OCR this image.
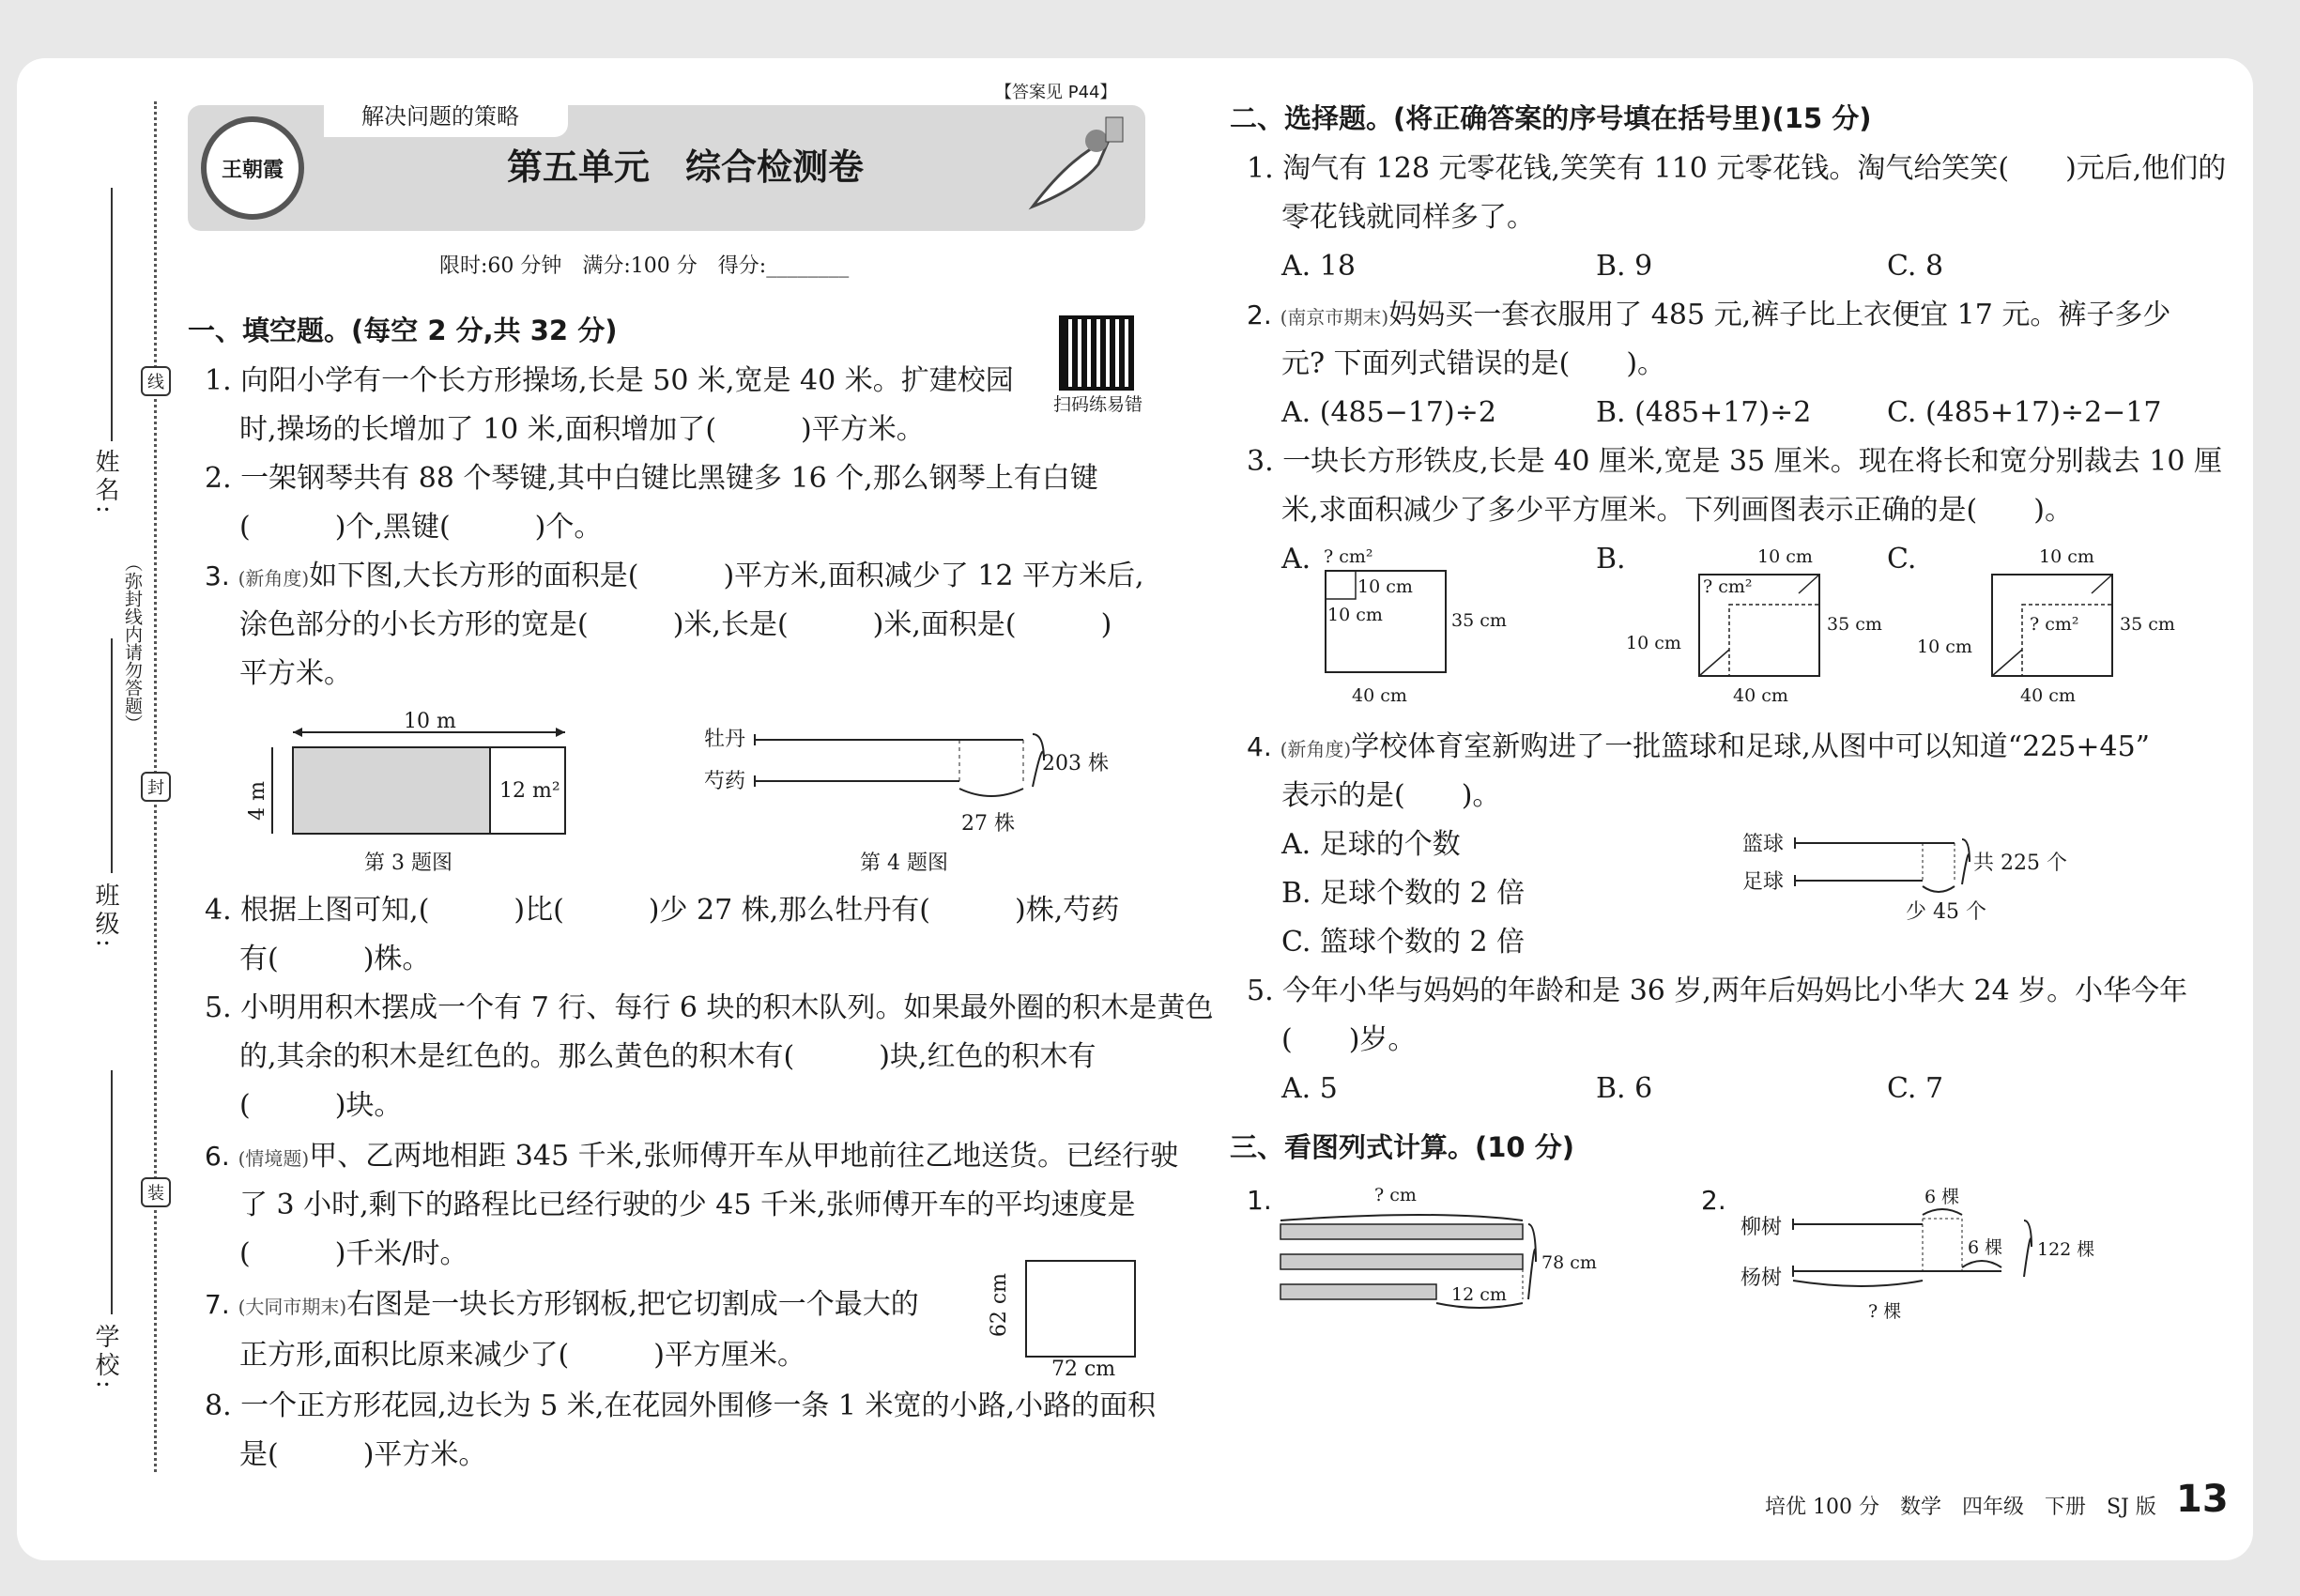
姓名:
班级:
学校:
（弥封线内请勿答题）
线
封
装
解决问题的策略
王朝霞	第五单元　综合检测卷
【答案见 P44】
限时:60 分钟　满分:100 分　得分:________
扫码练易错
一、填空题。(每空 2 分,共 32 分)
1. 向阳小学有一个长方形操场,长是 50 米,宽是 40 米。扩建校园
时,操场的长增加了 10 米,面积增加了(　　　)平方米。
2. 一架钢琴共有 88 个琴键,其中白键比黑键多 16 个,那么钢琴上有白键
(　　　)个,黑键(　　　)个。
3. (新角度)如下图,大长方形的面积是(　　　)平方米,面积减少了 12 平方米后,
涂色部分的小长方形的宽是(　　　)米,长是(　　　)米,面积是(　　　)
平方米。
10 m
4 m	12 m²
第 3 题图
牡丹
芍药
203 株
27 株
第 4 题图
4. 根据上图可知,(　　　)比(　　　)少 27 株,那么牡丹有(　　　)株,芍药
有(　　　)株。
5. 小明用积木摆成一个有 7 行、每行 6 块的积木队列。如果最外圈的积木是黄色
的,其余的积木是红色的。那么黄色的积木有(　　　)块,红色的积木有
(　　　)块。
6. (情境题)甲、乙两地相距 345 千米,张师傅开车从甲地前往乙地送货。已经行驶
了 3 小时,剩下的路程比已经行驶的少 45 千米,张师傅开车的平均速度是
(　　　)千米/时。
7. (大同市期末)右图是一块长方形钢板,把它切割成一个最大的
正方形,面积比原来减少了(　　　)平方厘米。
62 cm
72 cm
8. 一个正方形花园,边长为 5 米,在花园外围修一条 1 米宽的小路,小路的面积
是(　　　)平方米。
二、选择题。(将正确答案的序号填在括号里)(15 分)
1. 淘气有 128 元零花钱,笑笑有 110 元零花钱。淘气给笑笑(　　)元后,他们的
零花钱就同样多了。
A. 18	B. 9	C. 8
2. (南京市期末)妈妈买一套衣服用了 485 元,裤子比上衣便宜 17 元。裤子多少
元? 下面列式错误的是(　　)。
A. (485−17)÷2	B. (485+17)÷2	C. (485+17)÷2−17
3. 一块长方形铁皮,长是 40 厘米,宽是 35 厘米。现在将长和宽分别裁去 10 厘
米,求面积减少了多少平方厘米。下列画图表示正确的是(　　)。
A.	B.	C.
? cm²
10 cm
10 cm	35 cm
40 cm
? cm²
10 cm
10 cm
35 cm
40 cm
? cm²
10 cm
10 cm
35 cm
40 cm
4. (新角度)学校体育室新购进了一批篮球和足球,从图中可以知道“225+45”
表示的是(　　)。
A. 足球的个数
B. 足球个数的 2 倍
C. 篮球个数的 2 倍
篮球
足球
共 225 个
少 45 个
5. 今年小华与妈妈的年龄和是 36 岁,两年后妈妈比小华大 24 岁。小华今年
(　　)岁。
A. 5	B. 6	C. 7
三、看图列式计算。(10 分)
1.	2.
? cm
78 cm
12 cm
柳树
杨树
6 棵
6 棵 122 棵
? 棵
培优 100 分　数学　四年级　下册　SJ 版 13
